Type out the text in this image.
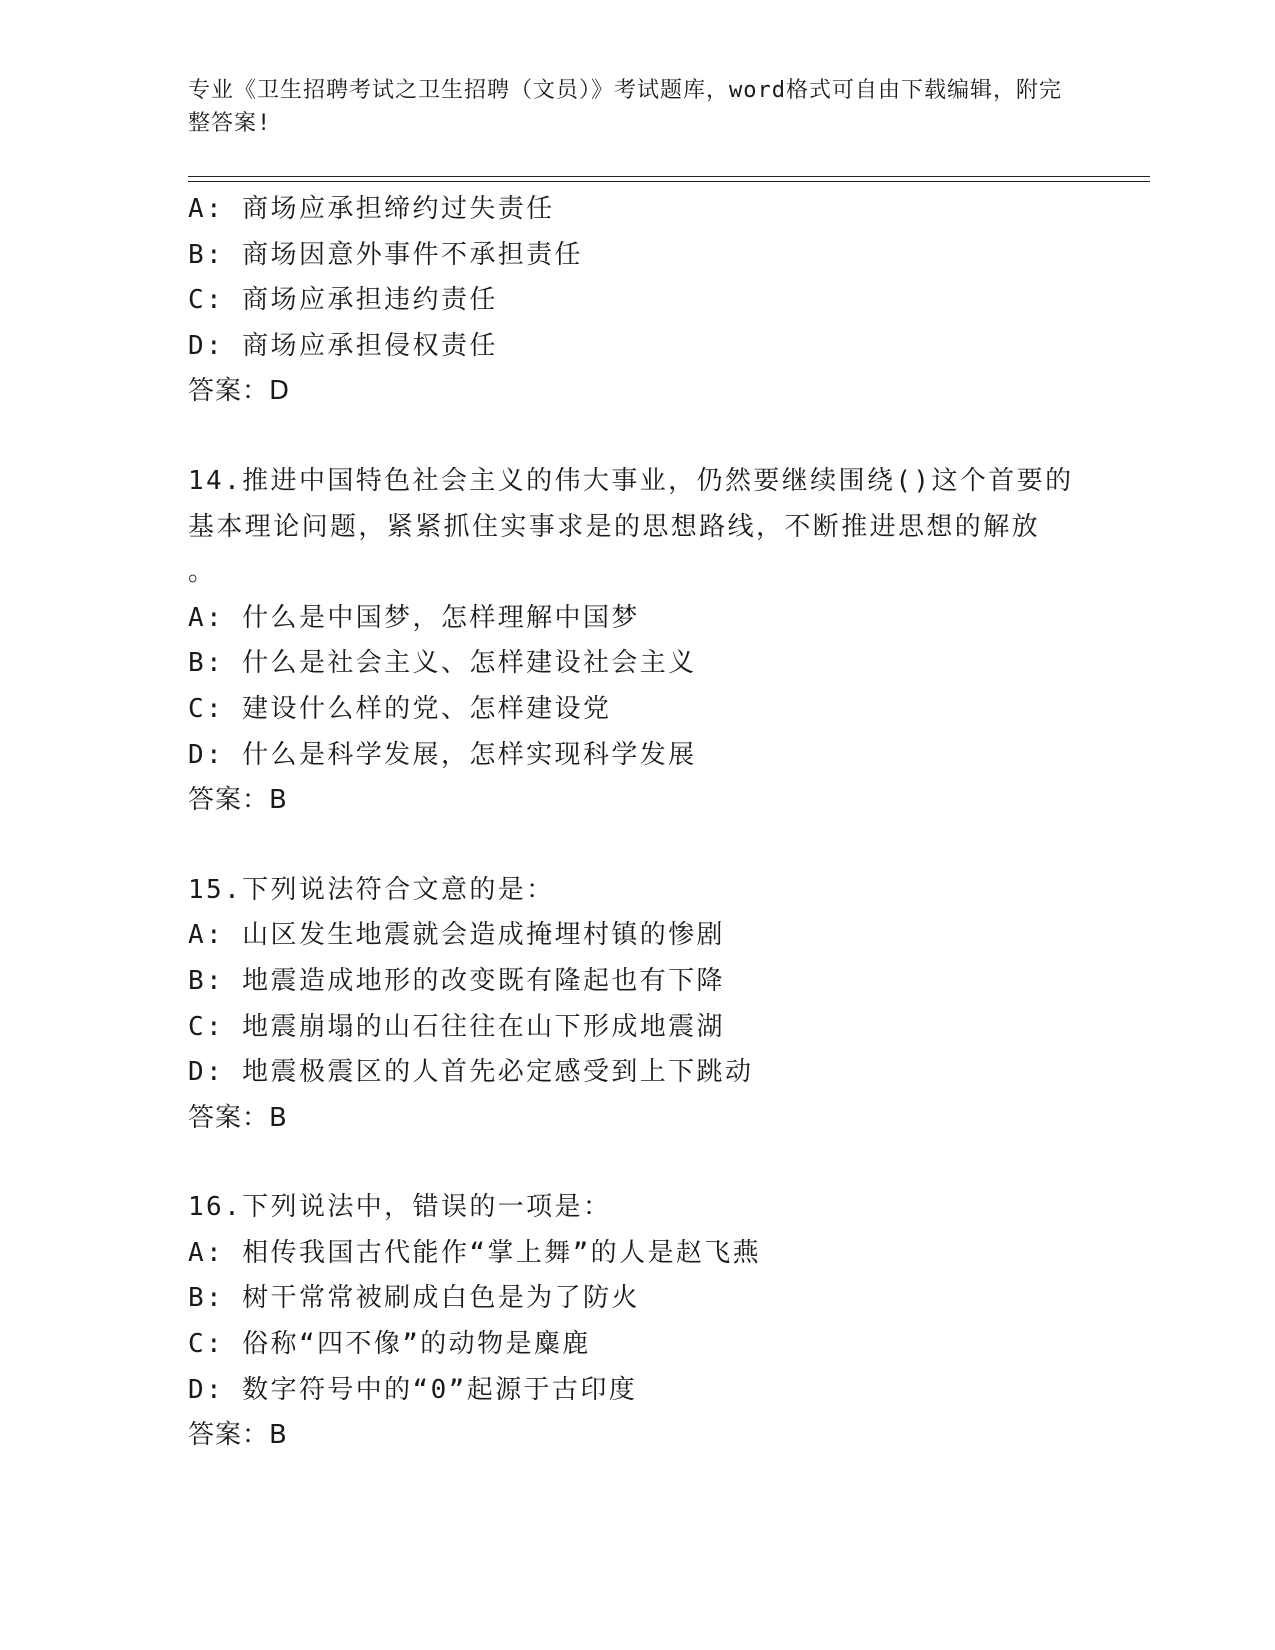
专业《卫生招聘考试之卫生招聘（文员）》考试题库，word格式可自由下载编辑，附完整答案!
A: 商场应承担缔约过失责任
B: 商场因意外事件不承担责任
C: 商场应承担违约责任
D: 商场应承担侵权责任
答案：D
14.推进中国特色社会主义的伟大事业，仍然要继续围绕()这个首要的
基本理论问题，紧紧抓住实事求是的思想路线，不断推进思想的解放
。
A: 什么是中国梦，怎样理解中国梦
B: 什么是社会主义、怎样建设社会主义
C: 建设什么样的党、怎样建设党
D: 什么是科学发展，怎样实现科学发展
答案：B
15.下列说法符合文意的是：
A: 山区发生地震就会造成掩埋村镇的惨剧
B: 地震造成地形的改变既有隆起也有下降
C: 地震崩塌的山石往往在山下形成地震湖
D: 地震极震区的人首先必定感受到上下跳动
答案：B
16.下列说法中，错误的一项是：
A: 相传我国古代能作“掌上舞”的人是赵飞燕
B: 树干常常被刷成白色是为了防火
C: 俗称“四不像”的动物是麋鹿
D: 数字符号中的“0”起源于古印度
答案：B
